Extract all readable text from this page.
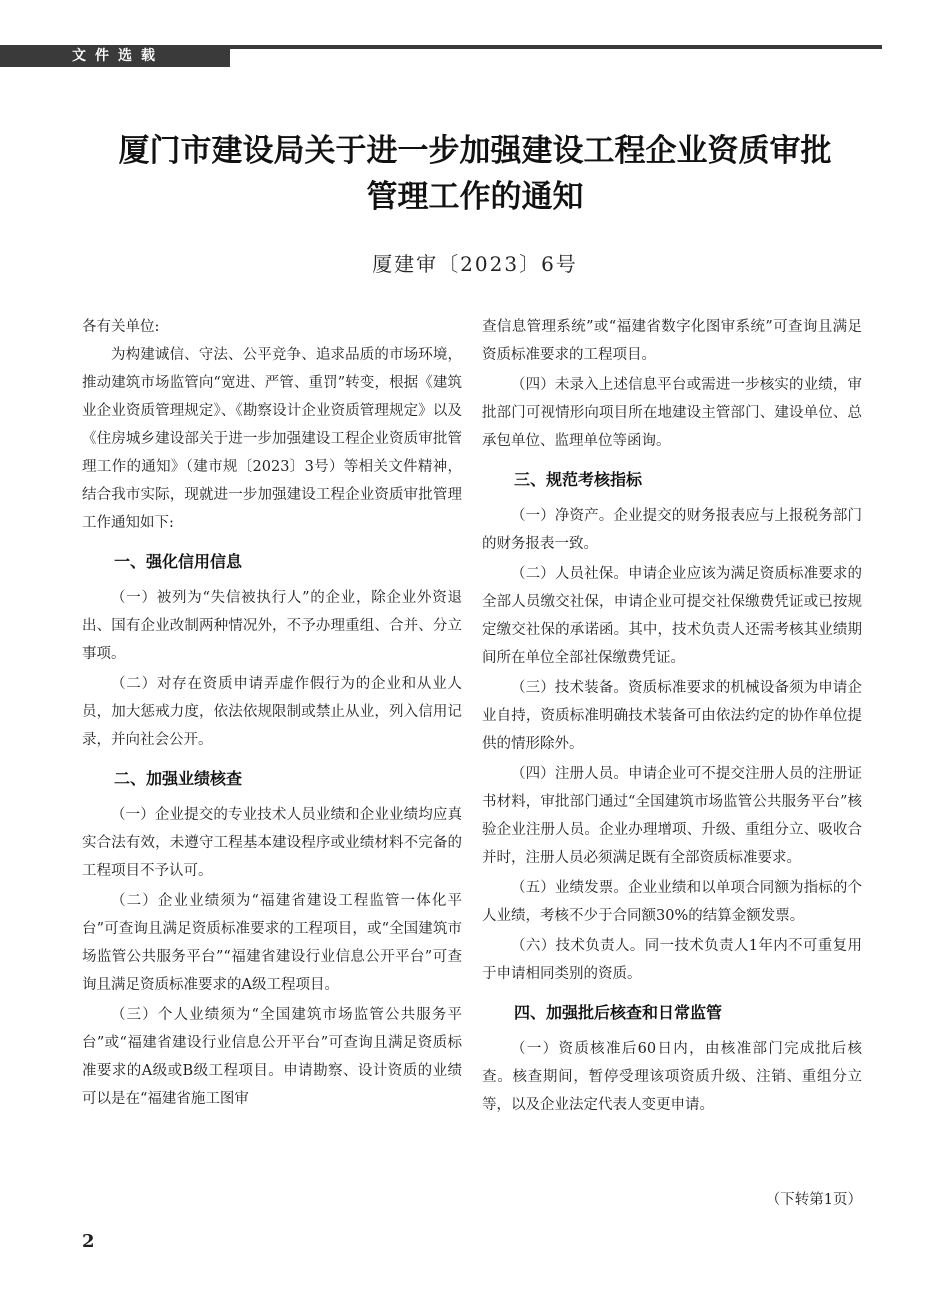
文件选载
厦门市建设局关于进一步加强建设工程企业资质审批
管理工作的通知
厦建审〔2023〕6号

各有关单位:

为构建诚信、守法、公平竞争、追求品质的市场环境，推动建筑市场监管向“宽进、严管、重罚”转变，根据《建筑业企业资质管理规定》、《勘察设计企业资质管理规定》以及《住房城乡建设部关于进一步加强建设工程企业资质审批管理工作的通知》（建市规〔2023〕3号）等相关文件精神，结合我市实际，现就进一步加强建设工程企业资质审批管理工作通知如下:

一、强化信用信息

（一）被列为“失信被执行人”的企业，除企业外资退出、国有企业改制两种情况外，不予办理重组、合并、分立事项。

（二）对存在资质申请弄虚作假行为的企业和从业人员，加大惩戒力度，依法依规限制或禁止从业，列入信用记录，并向社会公开。

二、加强业绩核查

（一）企业提交的专业技术人员业绩和企业业绩均应真实合法有效，未遵守工程基本建设程序或业绩材料不完备的工程项目不予认可。

（二）企业业绩须为“福建省建设工程监管一体化平台”可查询且满足资质标准要求的工程项目，或“全国建筑市场监管公共服务平台”“福建省建设行业信息公开平台”可查询且满足资质标准要求的A级工程项目。

（三）个人业绩须为“全国建筑市场监管公共服务平台”或“福建省建设行业信息公开平台”可查询且满足资质标准要求的A级或B级工程项目。申请勘察、设计资质的业绩可以是在“福建省施工图审

查信息管理系统”或“福建省数字化图审系统”可查询且满足资质标准要求的工程项目。

（四）未录入上述信息平台或需进一步核实的业绩，审批部门可视情形向项目所在地建设主管部门、建设单位、总承包单位、监理单位等函询。

三、规范考核指标

（一）净资产。企业提交的财务报表应与上报税务部门的财务报表一致。

（二）人员社保。申请企业应该为满足资质标准要求的全部人员缴交社保，申请企业可提交社保缴费凭证或已按规定缴交社保的承诺函。其中，技术负责人还需考核其业绩期间所在单位全部社保缴费凭证。

（三）技术装备。资质标准要求的机械设备须为申请企业自持，资质标准明确技术装备可由依法约定的协作单位提供的情形除外。

（四）注册人员。申请企业可不提交注册人员的注册证书材料，审批部门通过“全国建筑市场监管公共服务平台”核验企业注册人员。企业办理增项、升级、重组分立、吸收合并时，注册人员必须满足既有全部资质标准要求。

（五）业绩发票。企业业绩和以单项合同额为指标的个人业绩，考核不少于合同额30%的结算金额发票。

（六）技术负责人。同一技术负责人1年内不可重复用于申请相同类别的资质。

四、加强批后核查和日常监管

（一）资质核准后60日内，由核准部门完成批后核查。核查期间，暂停受理该项资质升级、注销、重组分立等，以及企业法定代表人变更申请。

（下转第1页）
2
